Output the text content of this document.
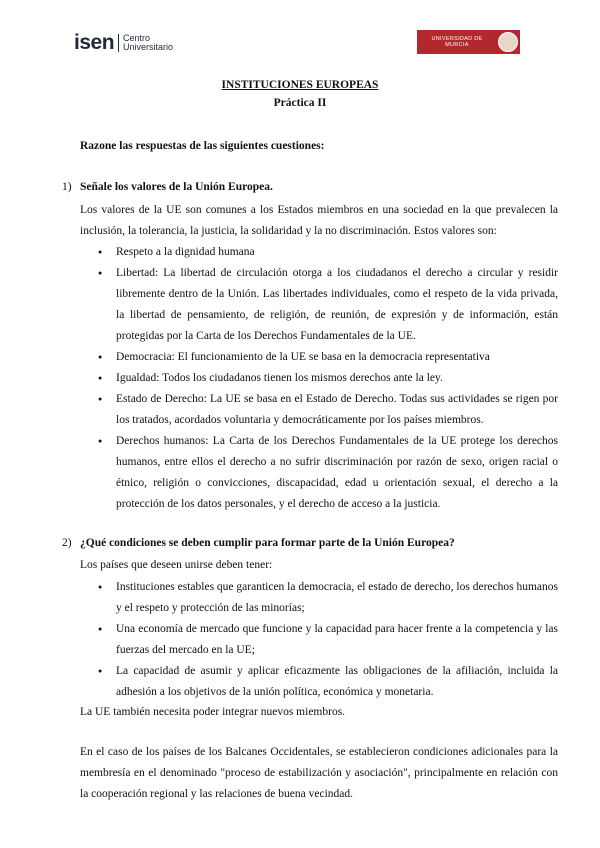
isen Centro
Universitario
UNIVERSIDAD DE
MURCIA
INSTITUCIONES EUROPEAS
Práctica II
Razone las respuestas de las siguientes cuestiones:
1) Señale los valores de la Unión Europea.

Los valores de la UE son comunes a los Estados miembros en una sociedad en la que prevalecen la inclusión, la tolerancia, la justicia, la solidaridad y la no discriminación. Estos valores son:

● Respeto a la dignidad humana
● Libertad: La libertad de circulación otorga a los ciudadanos el derecho a circular y residir libremente dentro de la Unión. Las libertades individuales, como el respeto de la vida privada, la libertad de pensamiento, de religión, de reunión, de expresión y de información, están protegidas por la Carta de los Derechos Fundamentales de la UE.
● Democracia: El funcionamiento de la UE se basa en la democracia representativa
● Igualdad: Todos los ciudadanos tienen los mismos derechos ante la ley.
● Estado de Derecho: La UE se basa en el Estado de Derecho. Todas sus actividades se rigen por los tratados, acordados voluntaria y democráticamente por los países miembros.
● Derechos humanos: La Carta de los Derechos Fundamentales de la UE protege los derechos humanos, entre ellos el derecho a no sufrir discriminación por razón de sexo, origen racial o étnico, religión o convicciones, discapacidad, edad u orientación sexual, el derecho a la protección de los datos personales, y el derecho de acceso a la justicia.
2) ¿Qué condiciones se deben cumplir para formar parte de la Unión Europea?

Los países que deseen unirse deben tener:

● Instituciones estables que garanticen la democracia, el estado de derecho, los derechos humanos y el respeto y protección de las minorías;
● Una economía de mercado que funcione y la capacidad para hacer frente a la competencia y las fuerzas del mercado en la UE;
● La capacidad de asumir y aplicar eficazmente las obligaciones de la afiliación, incluida la adhesión a los objetivos de la unión política, económica y monetaria.

La UE también necesita poder integrar nuevos miembros.

En el caso de los países de los Balcanes Occidentales, se establecieron condiciones adicionales para la membresía en el denominado "proceso de estabilización y asociación", principalmente en relación con la cooperación regional y las relaciones de buena vecindad.
